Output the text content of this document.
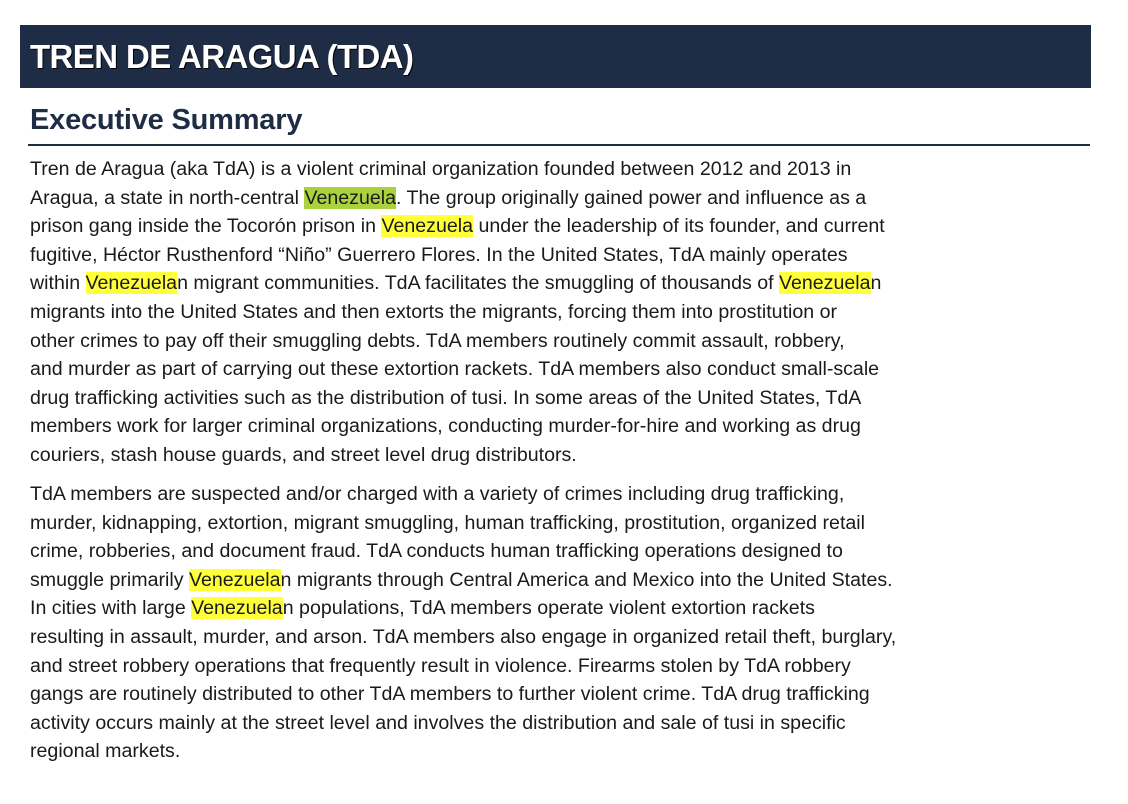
TREN DE ARAGUA (TDA)
Executive Summary
Tren de Aragua (aka TdA) is a violent criminal organization founded between 2012 and 2013 in
Aragua, a state in north-central Venezuela. The group originally gained power and influence as a
prison gang inside the Tocorón prison in Venezuela under the leadership of its founder, and current
fugitive, Héctor Rusthenford “Niño” Guerrero Flores. In the United States, TdA mainly operates
within Venezuelan migrant communities. TdA facilitates the smuggling of thousands of Venezuelan
migrants into the United States and then extorts the migrants, forcing them into prostitution or
other crimes to pay off their smuggling debts. TdA members routinely commit assault, robbery,
and murder as part of carrying out these extortion rackets. TdA members also conduct small-scale
drug trafficking activities such as the distribution of tusi. In some areas of the United States, TdA
members work for larger criminal organizations, conducting murder-for-hire and working as drug
couriers, stash house guards, and street level drug distributors.
TdA members are suspected and/or charged with a variety of crimes including drug trafficking,
murder, kidnapping, extortion, migrant smuggling, human trafficking, prostitution, organized retail
crime, robberies, and document fraud. TdA conducts human trafficking operations designed to
smuggle primarily Venezuelan migrants through Central America and Mexico into the United States.
In cities with large Venezuelan populations, TdA members operate violent extortion rackets
resulting in assault, murder, and arson. TdA members also engage in organized retail theft, burglary,
and street robbery operations that frequently result in violence. Firearms stolen by TdA robbery
gangs are routinely distributed to other TdA members to further violent crime. TdA drug trafficking
activity occurs mainly at the street level and involves the distribution and sale of tusi in specific
regional markets.
